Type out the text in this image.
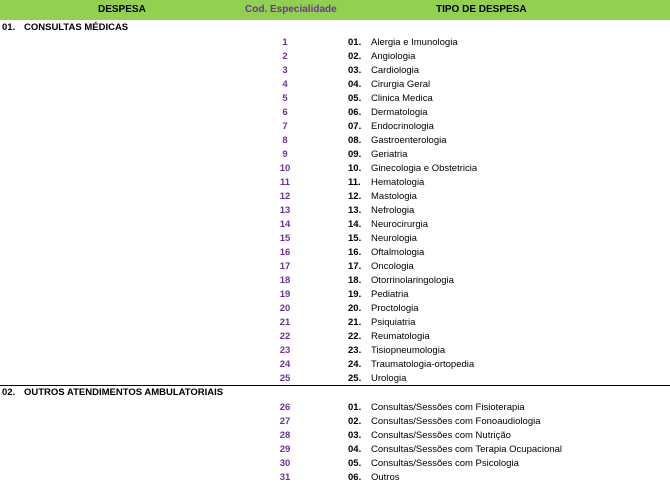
DESPESA	Cod. Especialidade	TIPO DE DESPESA
01. CONSULTAS MÉDICAS
1	01. Alergia e Imunologia
2	02. Angiologia
3	03. Cardiologia
4	04. Cirurgia Geral
5	05. Clinica Medica
6	06. Dermatologia
7	07. Endocrinologia
8	08. Gastroenterologia
9	09. Geriatria
10	10. Ginecologia e Obstetricia
11	11. Hematologia
12	12. Mastologia
13	13. Nefrologia
14	14. Neurocirurgia
15	15. Neurologia
16	16. Oftalmologia
17	17. Oncologia
18	18. Otorrinolaringologia
19	19. Pediatria
20	20. Proctologia
21	21. Psiquiatria
22	22. Reumatologia
23	23. Tisiopneumologia
24	24. Traumatologia-ortopedia
25	25. Urologia
02. OUTROS ATENDIMENTOS AMBULATORIAIS
26	01. Consultas/Sessões com Fisioterapia
27	02. Consultas/Sessões com Fonoaudiologia
28	03. Consultas/Sessões com Nutrição
29	04. Consultas/Sessões com Terapia Ocupacional
30	05. Consultas/Sessões com Psicologia
31	06. Outros
